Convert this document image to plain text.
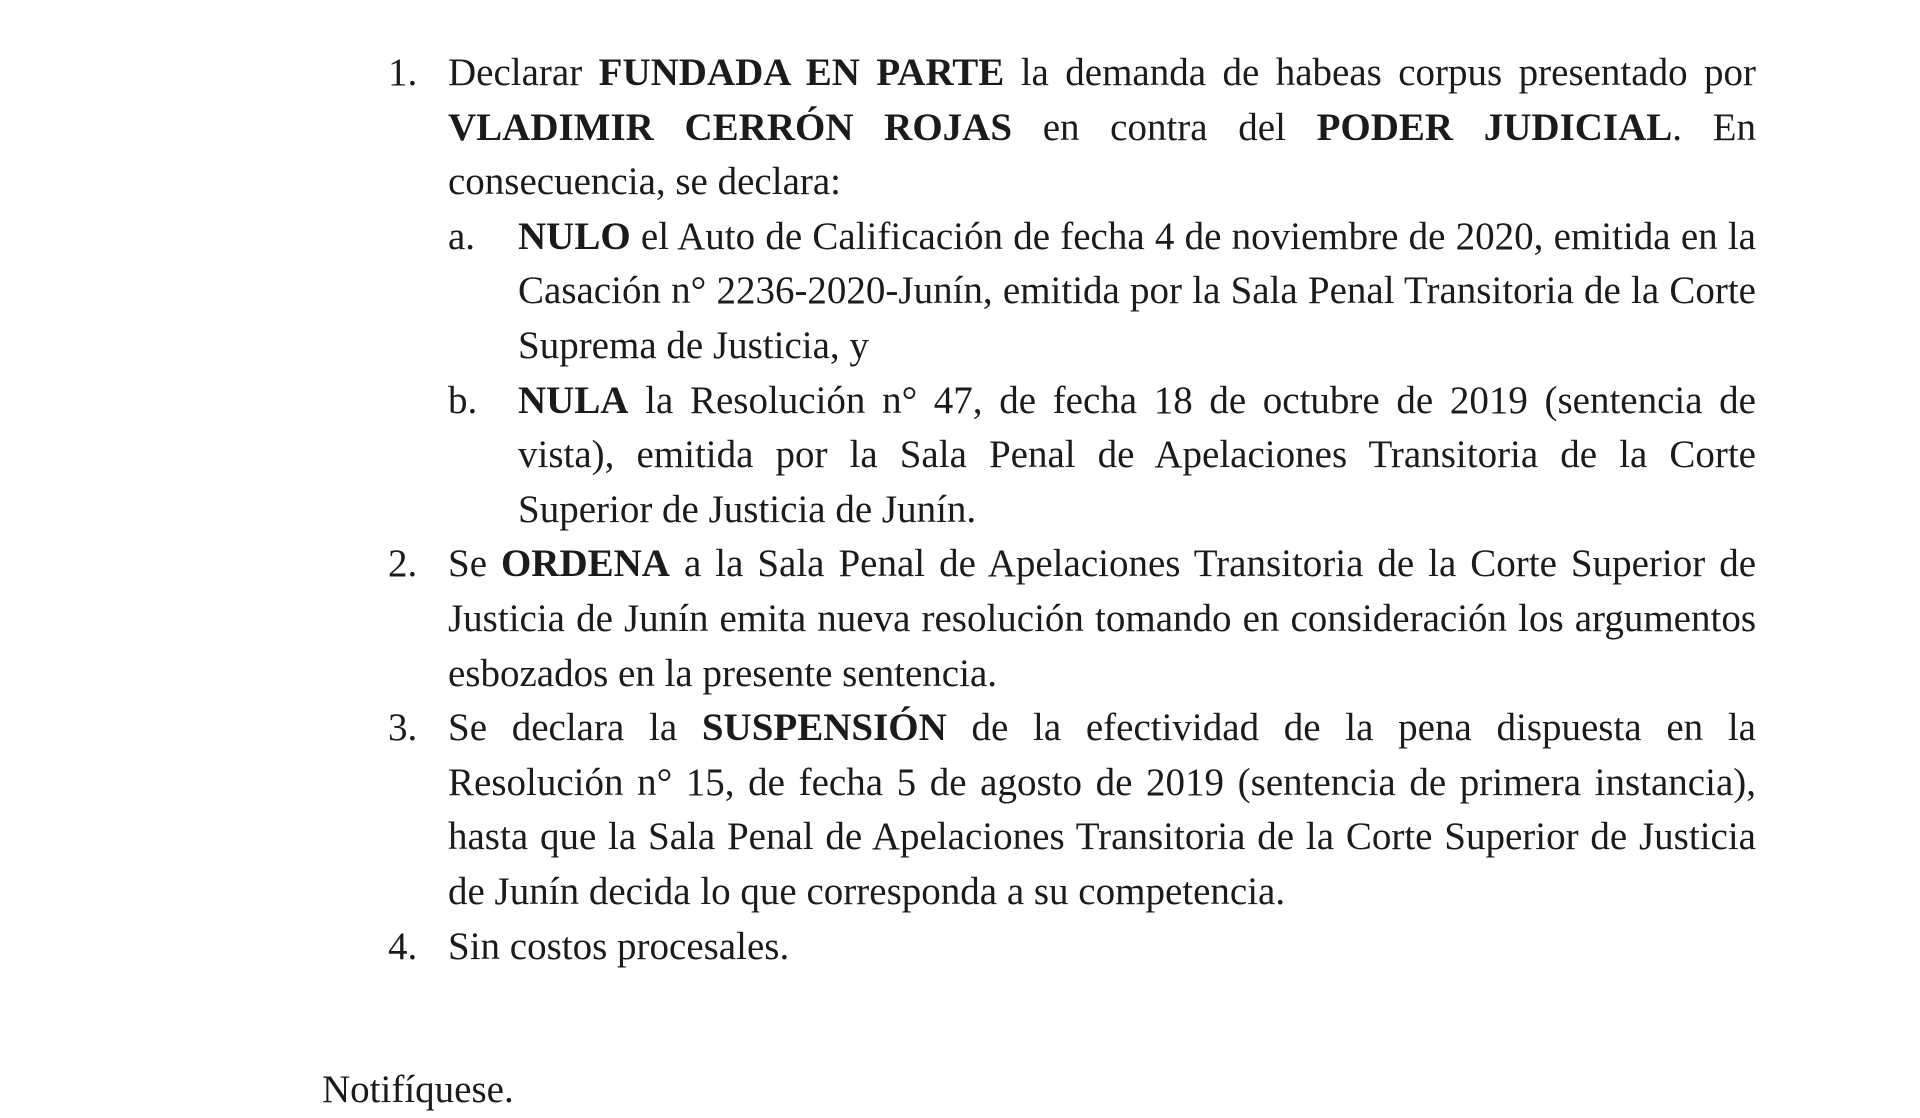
1. Declarar FUNDADA EN PARTE la demanda de habeas corpus presentado por VLADIMIR CERRÓN ROJAS en contra del PODER JUDICIAL. En consecuencia, se declara:
a. NULO el Auto de Calificación de fecha 4 de noviembre de 2020, emitida en la Casación n° 2236-2020-Junín, emitida por la Sala Penal Transitoria de la Corte Suprema de Justicia, y
b. NULA la Resolución n° 47, de fecha 18 de octubre de 2019 (sentencia de vista), emitida por la Sala Penal de Apelaciones Transitoria de la Corte Superior de Justicia de Junín.
2. Se ORDENA a la Sala Penal de Apelaciones Transitoria de la Corte Superior de Justicia de Junín emita nueva resolución tomando en consideración los argumentos esbozados en la presente sentencia.
3. Se declara la SUSPENSIÓN de la efectividad de la pena dispuesta en la Resolución n° 15, de fecha 5 de agosto de 2019 (sentencia de primera instancia), hasta que la Sala Penal de Apelaciones Transitoria de la Corte Superior de Justicia de Junín decida lo que corresponda a su competencia.
4. Sin costos procesales.
Notifíquese.
